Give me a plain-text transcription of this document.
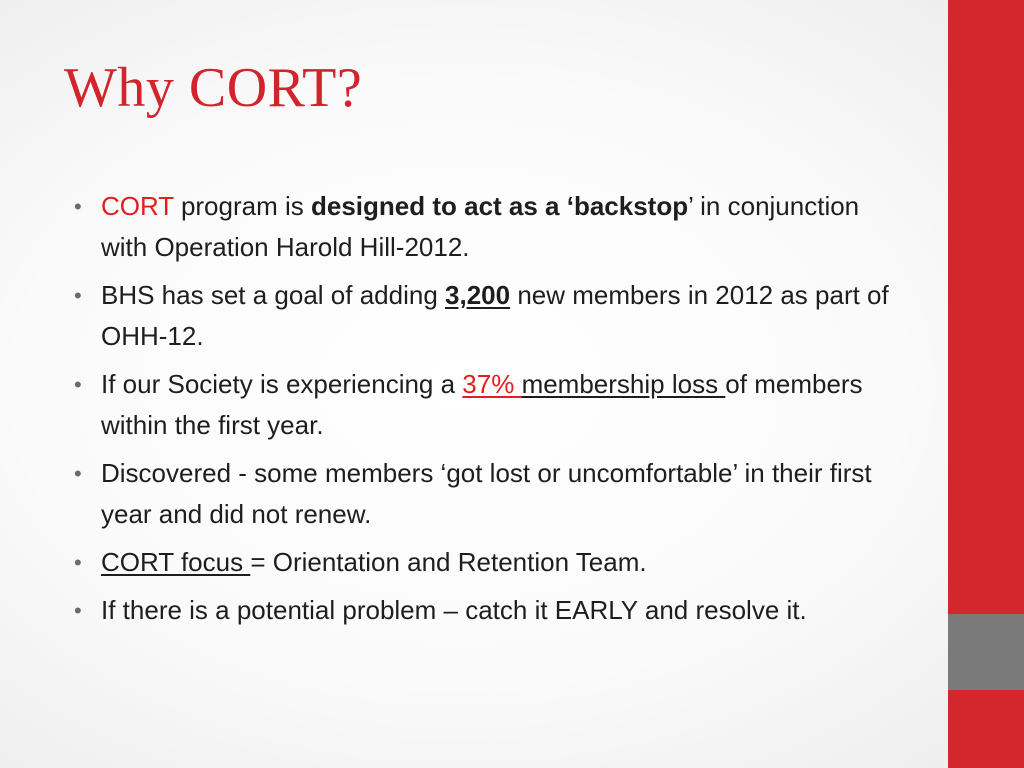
Why CORT?
• CORT program is designed to act as a ‘backstop’ in conjunction with Operation Harold Hill-2012.
• BHS has set a goal of adding 3,200 new members in 2012 as part of OHH-12.
• If our Society is experiencing a 37% membership loss of members within the first year.
• Discovered - some members ‘got lost or uncomfortable’ in their first year and did not renew.
• CORT focus = Orientation and Retention Team.
• If there is a potential problem – catch it EARLY and resolve it.
